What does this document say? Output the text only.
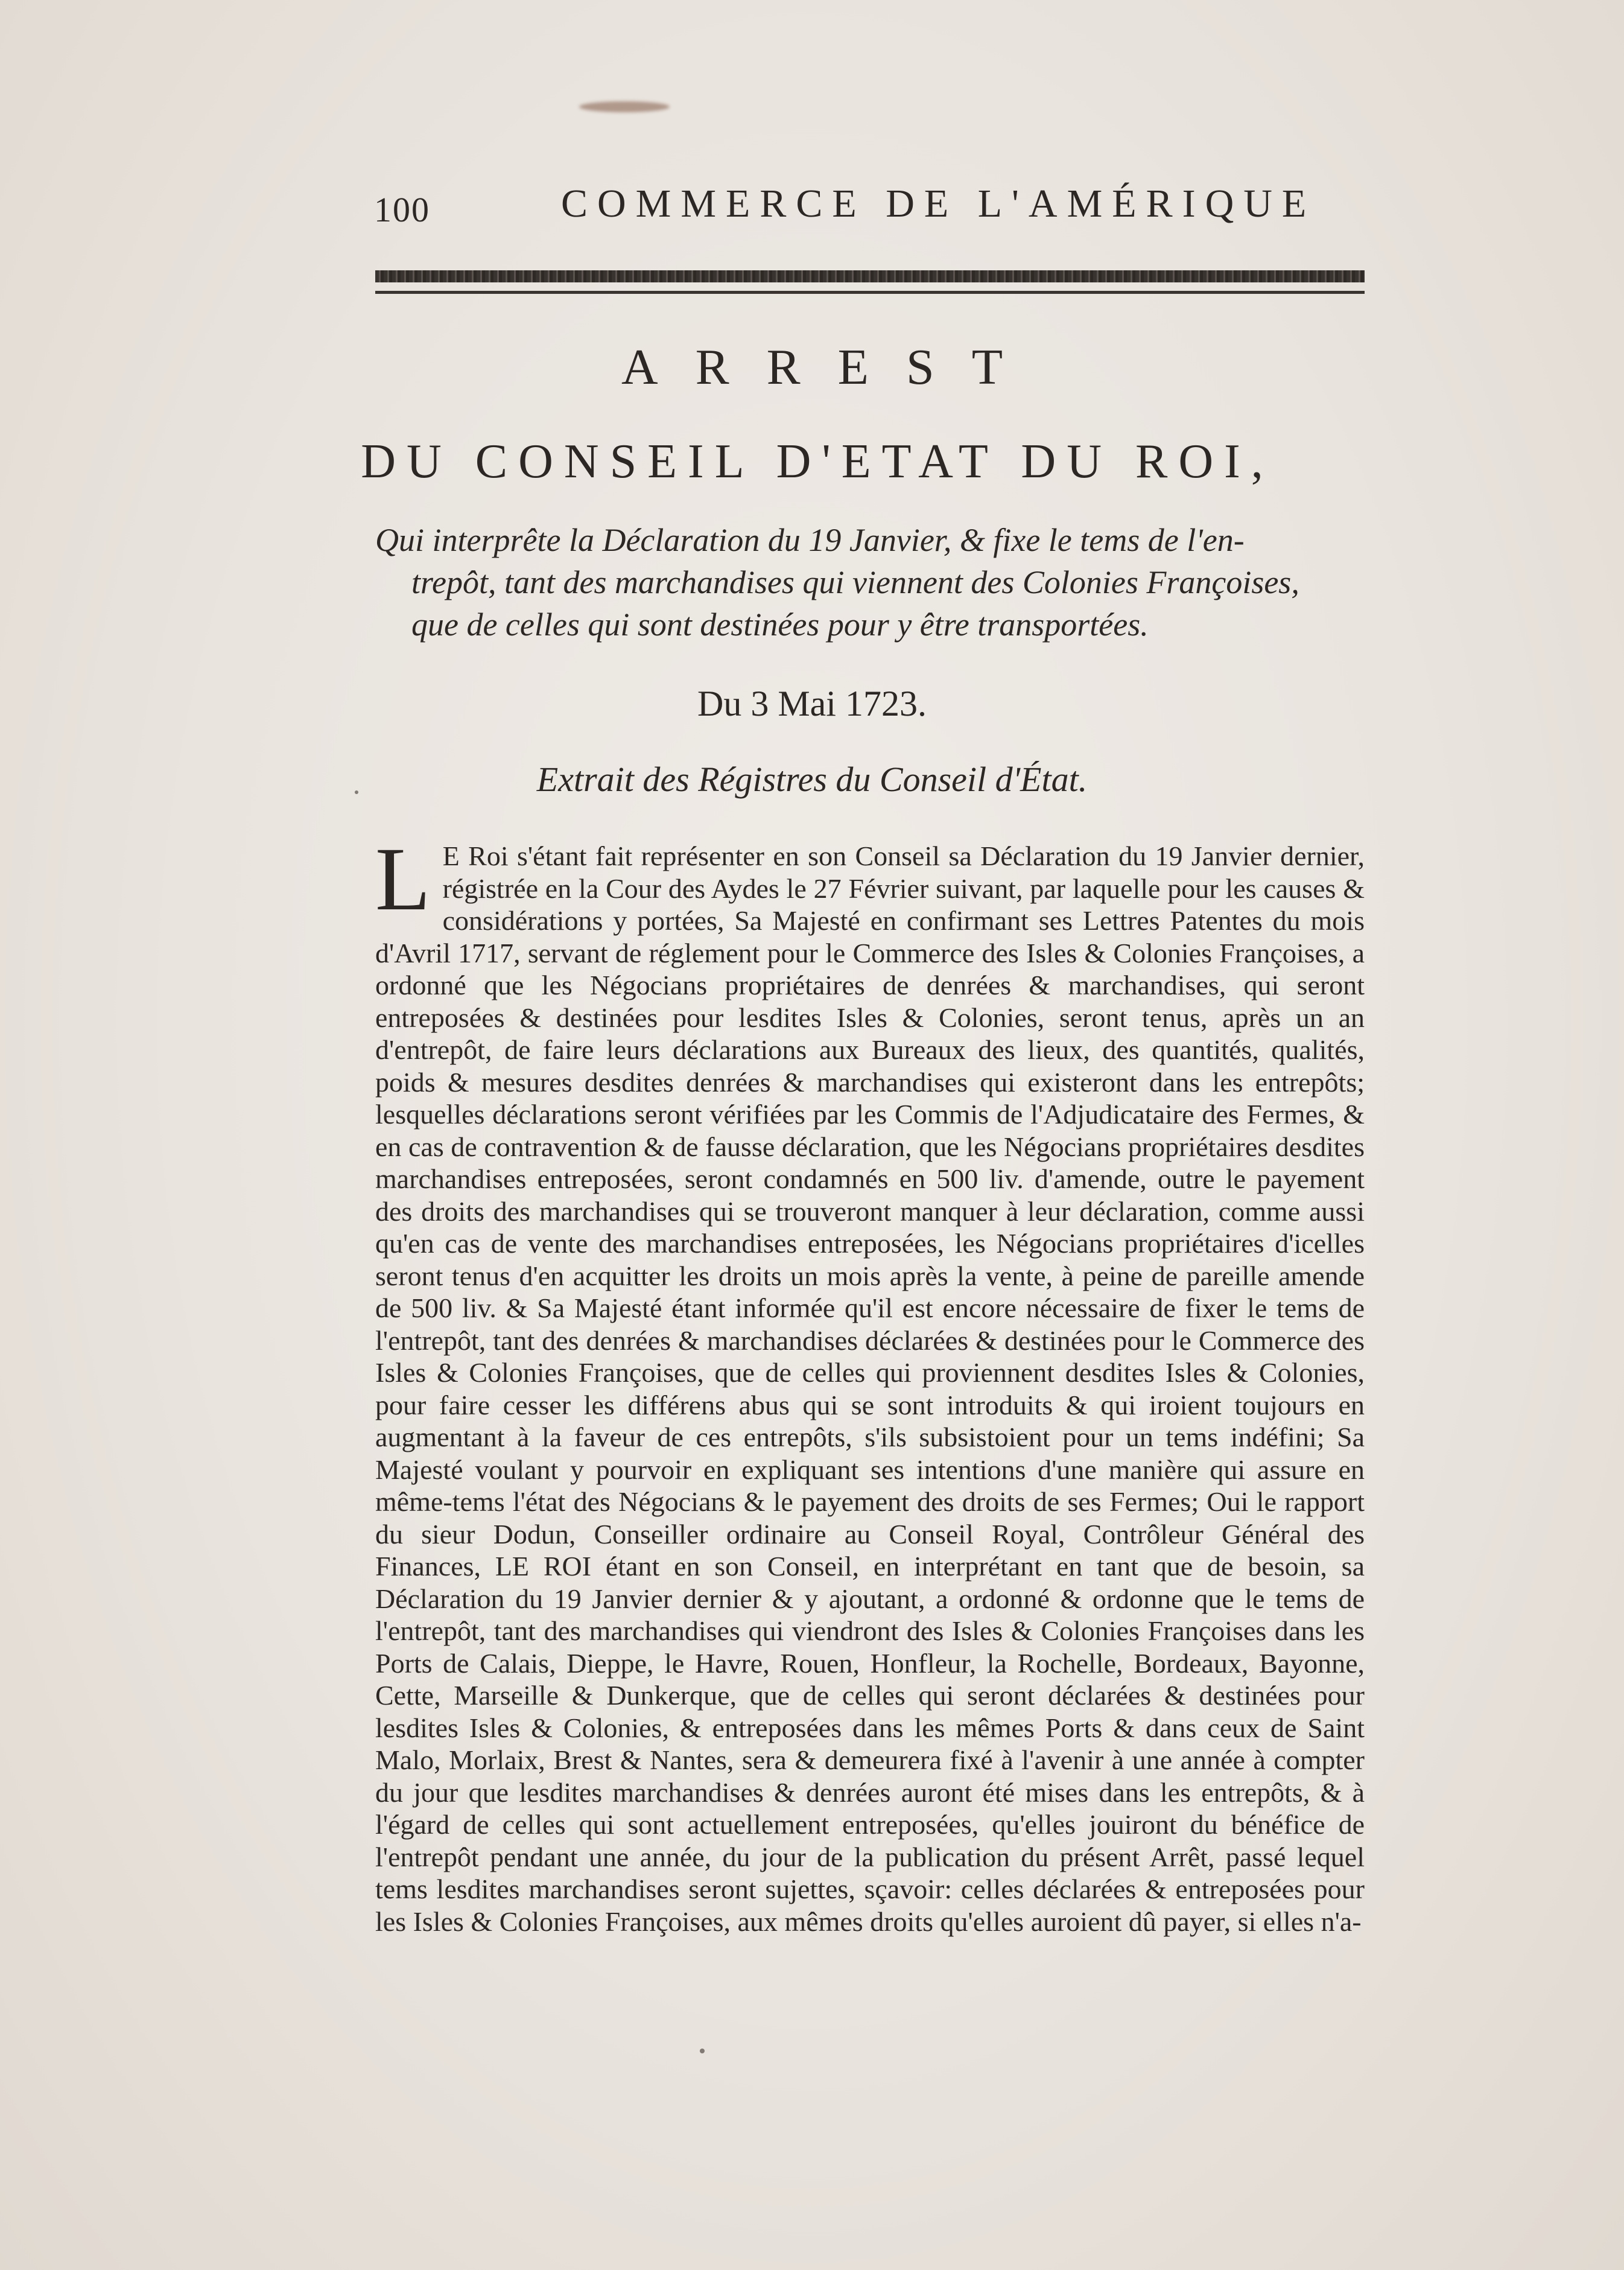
100	COMMERCE DE L'AMÉRIQUE
ARREST
DU CONSEIL D'ETAT DU ROI,
Qui interprête la Déclaration du 19 Janvier, & fixe le tems de l'en-
trepôt, tant des marchandises qui viennent des Colonies Françoises,
que de celles qui sont destinées pour y être transportées.
Du 3 Mai 1723.
Extrait des Régistres du Conseil d'État.
L E Roi s'étant fait représenter en son Conseil sa Déclaration du 19 Janvier dernier, régistrée en la Cour des Aydes le 27 Février suivant, par laquelle pour les causes & considérations y portées, Sa Majesté en confirmant ses Lettres Patentes du mois d'Avril 1717, servant de réglement pour le Commerce des Isles & Colonies Françoises, a ordonné que les Négocians propriétaires de denrées & marchandises, qui seront entreposées & destinées pour lesdites Isles & Colonies, seront tenus, après un an d'entrepôt, de faire leurs déclarations aux Bureaux des lieux, des quantités, qualités, poids & mesures desdites denrées & marchandises qui existeront dans les entrepôts; lesquelles déclarations seront vérifiées par les Commis de l'Adjudicataire des Fermes, & en cas de contravention & de fausse déclaration, que les Négocians propriétaires desdites marchandises entreposées, seront condamnés en 500 liv. d'amende, outre le payement des droits des marchandises qui se trouveront manquer à leur déclaration, comme aussi qu'en cas de vente des marchandises entreposées, les Négocians propriétaires d'icelles seront tenus d'en acquitter les droits un mois après la vente, à peine de pareille amende de 500 liv. & Sa Majesté étant informée qu'il est encore nécessaire de fixer le tems de l'entrepôt, tant des denrées & marchandises déclarées & destinées pour le Commerce des Isles & Colonies Françoises, que de celles qui proviennent desdites Isles & Colonies, pour faire cesser les différens abus qui se sont introduits & qui iroient toujours en augmentant à la faveur de ces entrepôts, s'ils subsistoient pour un tems indéfini; Sa Majesté voulant y pourvoir en expliquant ses intentions d'une manière qui assure en même-tems l'état des Négocians & le payement des droits de ses Fermes; Oui le rapport du sieur Dodun, Conseiller ordinaire au Conseil Royal, Contrôleur Général des Finances, LE ROI étant en son Conseil, en interprétant en tant que de besoin, sa Déclaration du 19 Janvier dernier & y ajoutant, a ordonné & ordonne que le tems de l'entrepôt, tant des marchandises qui viendront des Isles & Colonies Françoises dans les Ports de Calais, Dieppe, le Havre, Rouen, Honfleur, la Rochelle, Bordeaux, Bayonne, Cette, Marseille & Dunkerque, que de celles qui seront déclarées & destinées pour lesdites Isles & Colonies, & entreposées dans les mêmes Ports & dans ceux de Saint Malo, Morlaix, Brest & Nantes, sera & demeurera fixé à l'avenir à une année à compter du jour que lesdites marchandises & denrées auront été mises dans les entrepôts, & à l'égard de celles qui sont actuellement entreposées, qu'elles jouiront du bénéfice de l'entrepôt pendant une année, du jour de la publication du présent Arrêt, passé lequel tems lesdites marchandises seront sujettes, sçavoir: celles déclarées & entreposées pour les Isles & Colonies Françoises, aux mêmes droits qu'elles auroient dû payer, si elles n'a-
